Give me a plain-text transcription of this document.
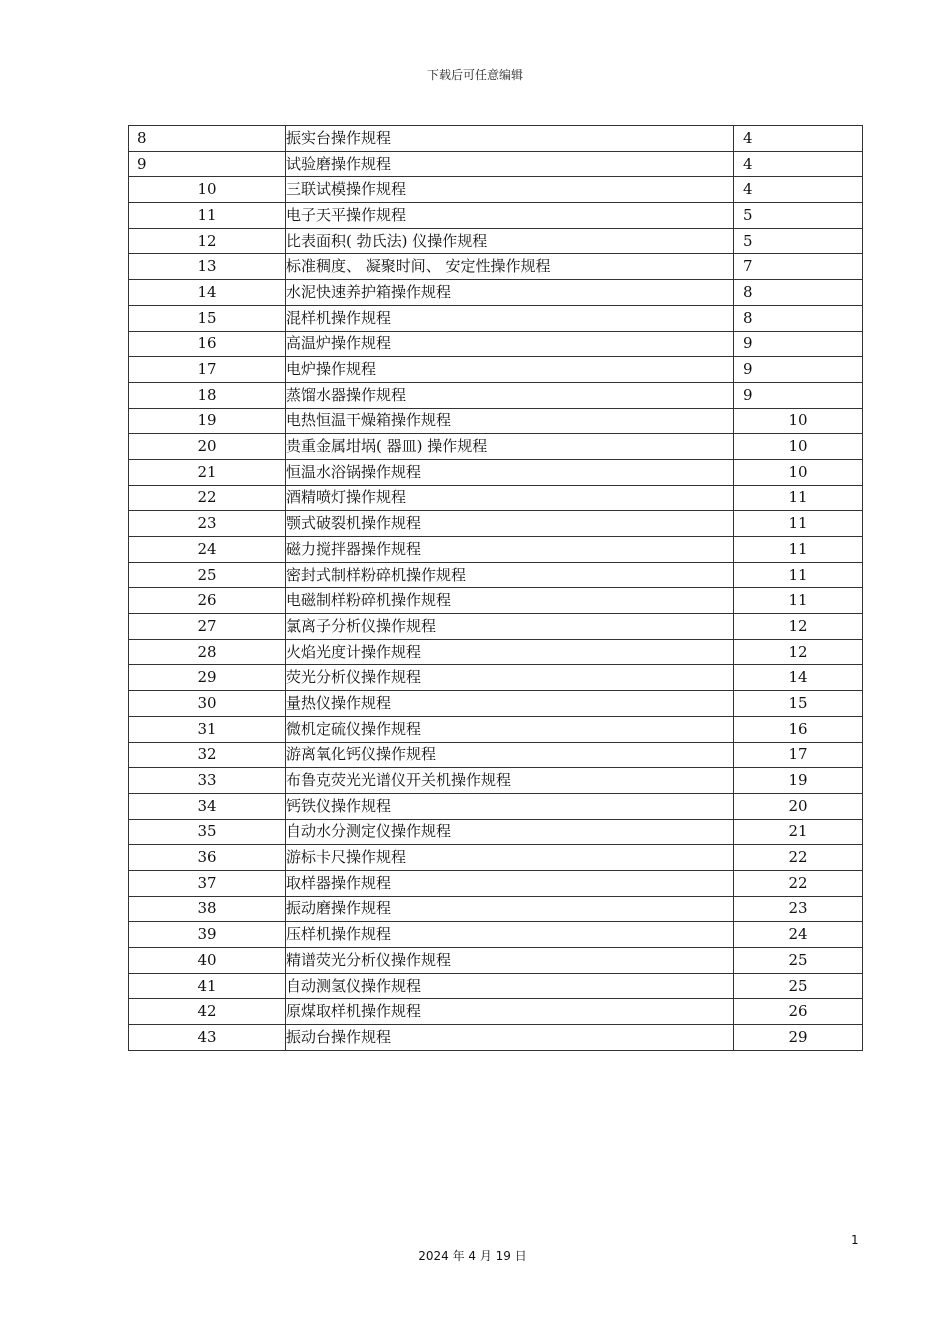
下载后可任意编辑
8	振实台操作规程	4
9	试验磨操作规程	4
10	三联试模操作规程	4
11	电子天平操作规程	5
12	比表面积( 勃氏法) 仪操作规程	5
13	标准稠度、 凝聚时间、 安定性操作规程	7
14	水泥快速养护箱操作规程	8
15	混样机操作规程	8
16	高温炉操作规程	9
17	电炉操作规程	9
18	蒸馏水器操作规程	9
19	电热恒温干燥箱操作规程	10
20	贵重金属坩埚( 器皿) 操作规程	10
21	恒温水浴锅操作规程	10
22	酒精喷灯操作规程	11
23	颚式破裂机操作规程	11
24	磁力搅拌器操作规程	11
25	密封式制样粉碎机操作规程	11
26	电磁制样粉碎机操作规程	11
27	氯离子分析仪操作规程	12
28	火焰光度计操作规程	12
29	荧光分析仪操作规程	14
30	量热仪操作规程	15
31	微机定硫仪操作规程	16
32	游离氧化钙仪操作规程	17
33	布鲁克荧光光谱仪开关机操作规程	19
34	钙铁仪操作规程	20
35	自动水分测定仪操作规程	21
36	游标卡尺操作规程	22
37	取样器操作规程	22
38	振动磨操作规程	23
39	压样机操作规程	24
40	精谱荧光分析仪操作规程	25
41	自动测氢仪操作规程	25
42	原煤取样机操作规程	26
43	振动台操作规程	29
1
2024 年 4 月 19 日
